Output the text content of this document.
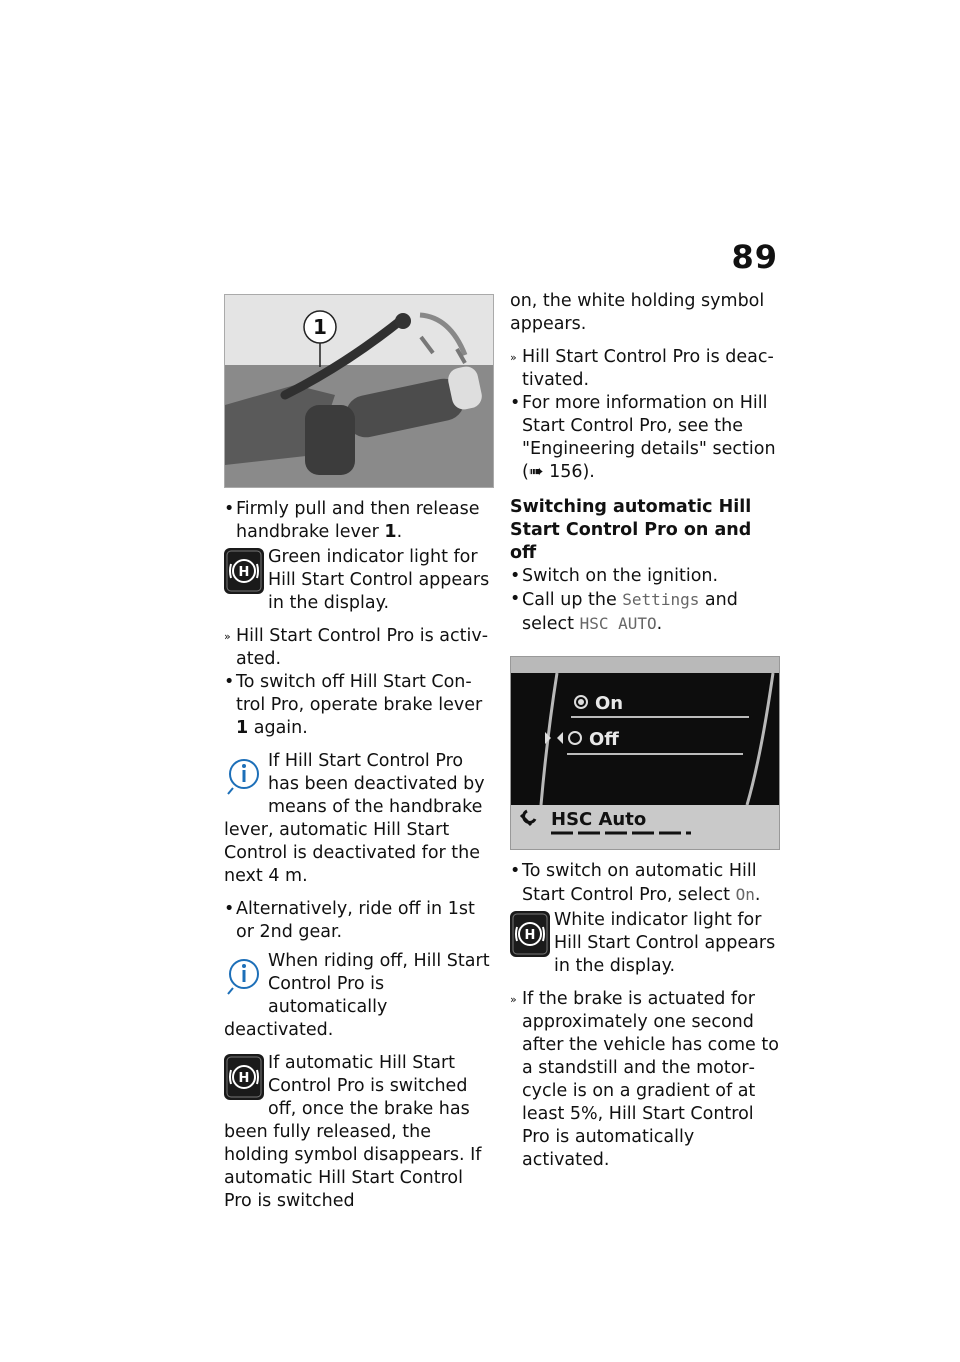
89
1

• Firmly pull and then release handbrake lever 1.

H
Green indicator light for Hill Start Control appears in the display.

» Hill Start Control Pro is activated.

• To switch off Hill Start Control Pro, operate brake lever 1 again.

If Hill Start Control Pro has been deactivated by means of the handbrake lever, automatic Hill Start Control is deactivated for the next 4 m.

• Alternatively, ride off in 1st or 2nd gear.

When riding off, Hill Start Control Pro is automatically deactivated.
H
If automatic Hill Start Control Pro is switched off, once the brake has been fully released, the holding symbol disappears. If automatic Hill Start Control Pro is switched

on, the white holding symbol appears.

» Hill Start Control Pro is deactivated.

• For more information on Hill Start Control Pro, see the "Engineering details" section
(➠ 156).

Switching automatic Hill Start Control Pro on and off

• Switch on the ignition.

• Call up the Settings and select HSC AUTO.

On
Off
HSC Auto

• To switch on automatic Hill Start Control Pro, select On.

H
White indicator light for Hill Start Control appears in the display.

» If the brake is actuated for approximately one second after the vehicle has come to a standstill and the motorcycle is on a gradient of at least 5%, Hill Start Control Pro is automatically activated.
